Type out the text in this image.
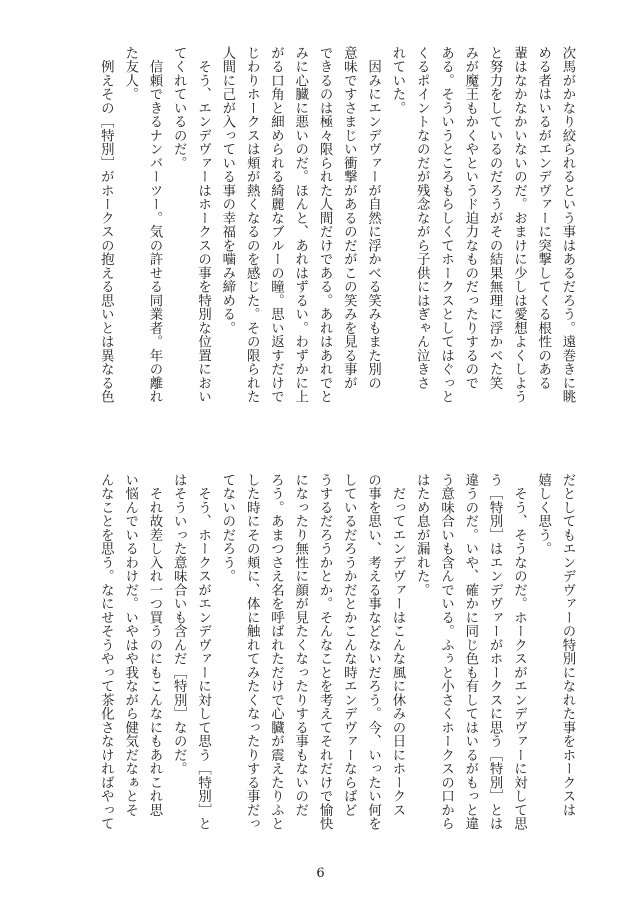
次馬がかなり絞られるという事はあるだろう。遠巻きに眺

める者はいるがエンデヴァーに突撃してくる根性のある

輩はなかなかいないのだ。おまけに少しは愛想よくしよう

と努力をしているのだろうがその結果無理に浮かべた笑

みが魔王もかくやというド迫力なものだったりするので

ある。そういうところもらしくてホークスとしてはぐっと

くるポイントなのだが残念ながら子供にはぎゃん泣きさ

れていた。

　因みにエンデヴァーが自然に浮かべる笑みもまた別の

意味ですさまじい衝撃があるのだがこの笑みを見る事が

できるのは極々限られた人間だけである。あれはあれでと

みに心臓に悪いのだ。ほんと、あれはずるい。わずかに上

がる口角と細められる綺麗なブルーの瞳。思い返すだけで

じわりホークスは頬が熱くなるのを感じた。その限られた

人間に己が入っている事の幸福を噛み締める。

　そう、エンデヴァーはホークスの事を特別な位置におい

てくれているのだ。

　信頼できるナンバーツー。気の許せる同業者。年の離れ

た友人。

　例えその［特別］がホークスの抱える思いとは異なる色

だとしてもエンデヴァーの特別になれた事をホークスは

嬉しく思う。

　そう、そうなのだ。ホークスがエンデヴァーに対して思

う［特別］はエンデヴァーがホークスに思う［特別］とは

違うのだ。いや、確かに同じ色も有してはいるがもっと違

う意味合いも含んでいる。ふぅと小さくホークスの口から

はため息が漏れた。

　だってエンデヴァーはこんな風に休みの日にホークス

の事を思い、考える事などないだろう。今、いったい何を

しているだろうかだとかこんな時エンデヴァーならばど

うするだろうかとか。そんなことを考えてそれだけで愉快

になったり無性に顔が見たくなったりする事もないのだ

ろう。あまつさえ名を呼ばれただけで心臓が震えたりふと

した時にその頬に、体に触れてみたくなったりする事だっ

てないのだろう。

　そう、ホークスがエンデヴァーに対して思う［特別］と

はそういった意味合いも含んだ［特別］なのだ。

　それ故差し入れ一つ買うのにもこんなにもあれこれ思

い悩んでいるわけだ。いやはや我ながら健気だなぁとそ

んなことを思う。なにせそうやって茶化さなければやって

6
